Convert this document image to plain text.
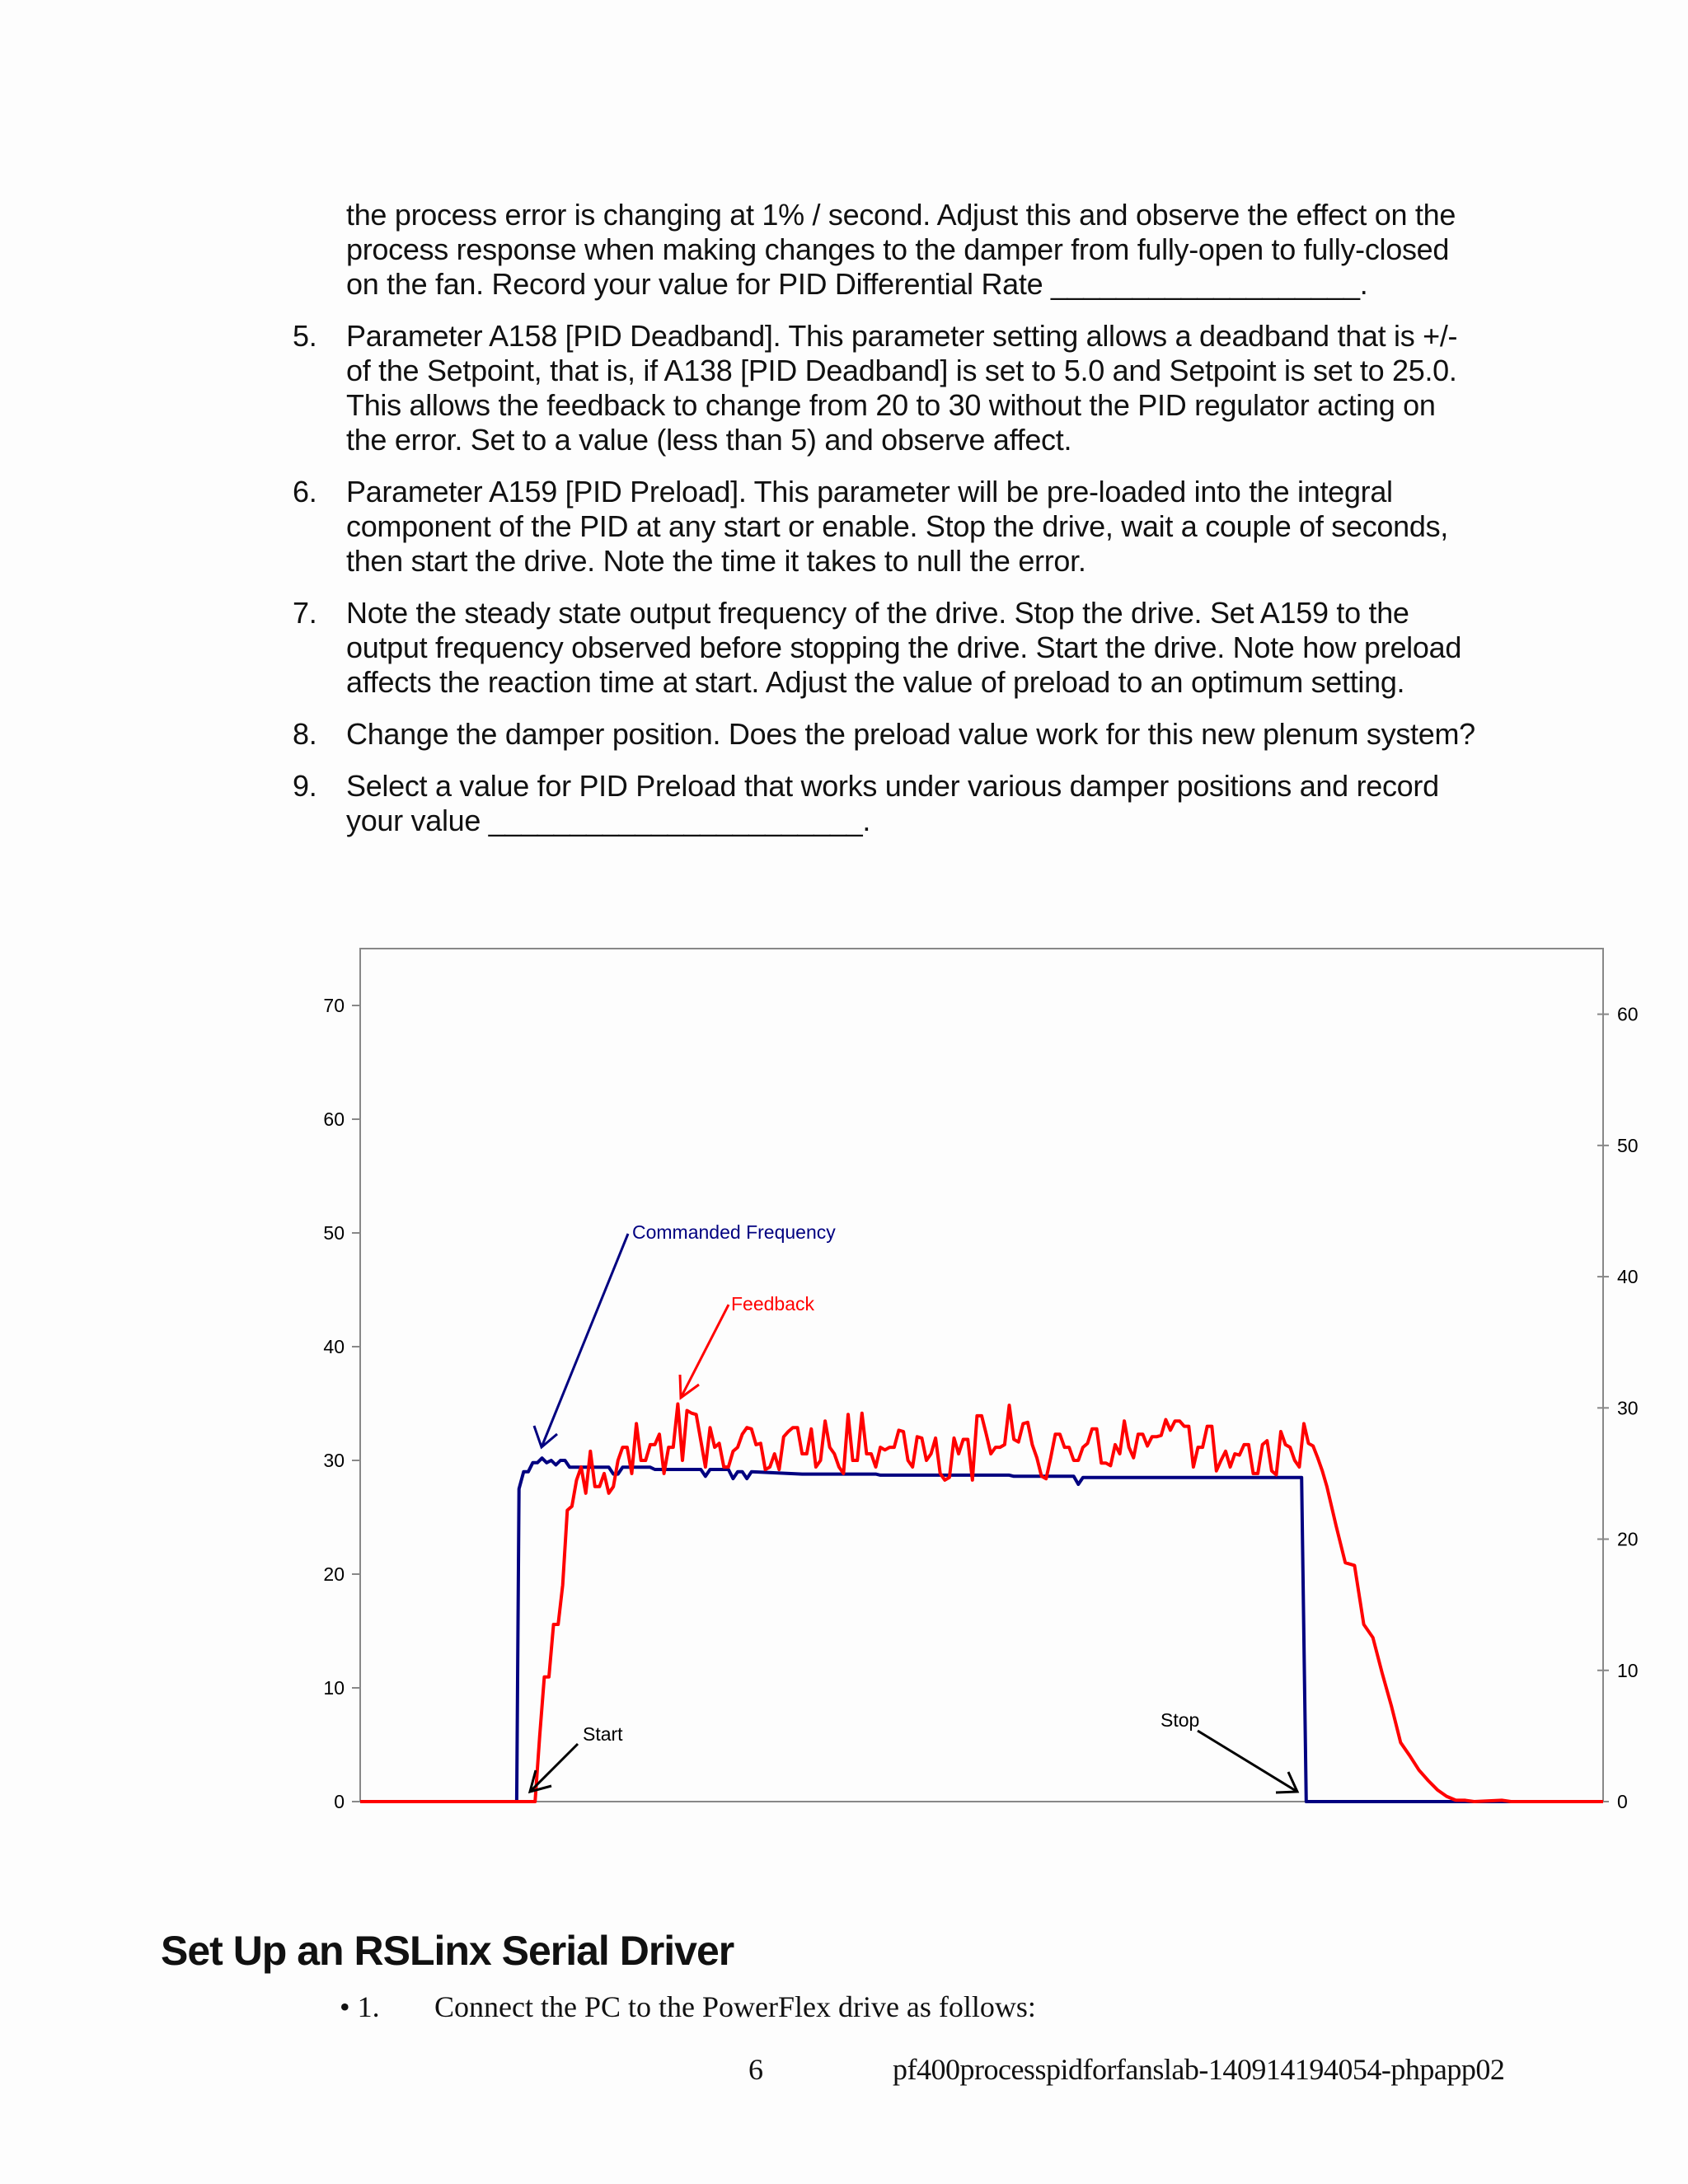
the process error is changing at 1% / second. Adjust this and observe the effect on the
process response when making changes to the damper from fully-open to fully-closed
on the fan. Record your value for PID Differential Rate ___________________.
5. Parameter A158 [PID Deadband]. This parameter setting allows a deadband that is +/-
of the Setpoint, that is, if A138 [PID Deadband] is set to 5.0 and Setpoint is set to 25.0.
This allows the feedback to change from 20 to 30 without the PID regulator acting on
the error. Set to a value (less than 5) and observe affect.
6. Parameter A159 [PID Preload]. This parameter will be pre-loaded into the integral
component of the PID at any start or enable. Stop the drive, wait a couple of seconds,
then start the drive. Note the time it takes to null the error.
7. Note the steady state output frequency of the drive. Stop the drive. Set A159 to the
output frequency observed before stopping the drive. Start the drive. Note how preload
affects the reaction time at start. Adjust the value of preload to an optimum setting.
8. Change the damper position. Does the preload value work for this new plenum system?
9. Select a value for PID Preload that works under various damper positions and record
your value _______________________.
0
10
20
30
40
50
60
70
0
10
20
30
40
50
60
Commanded Frequency
Feedback
Start
Stop
Set Up an RSLinx Serial Driver
• 1. Connect the PC to the PowerFlex drive as follows:
6	pf400processpidforfanslab-140914194054-phpapp02
